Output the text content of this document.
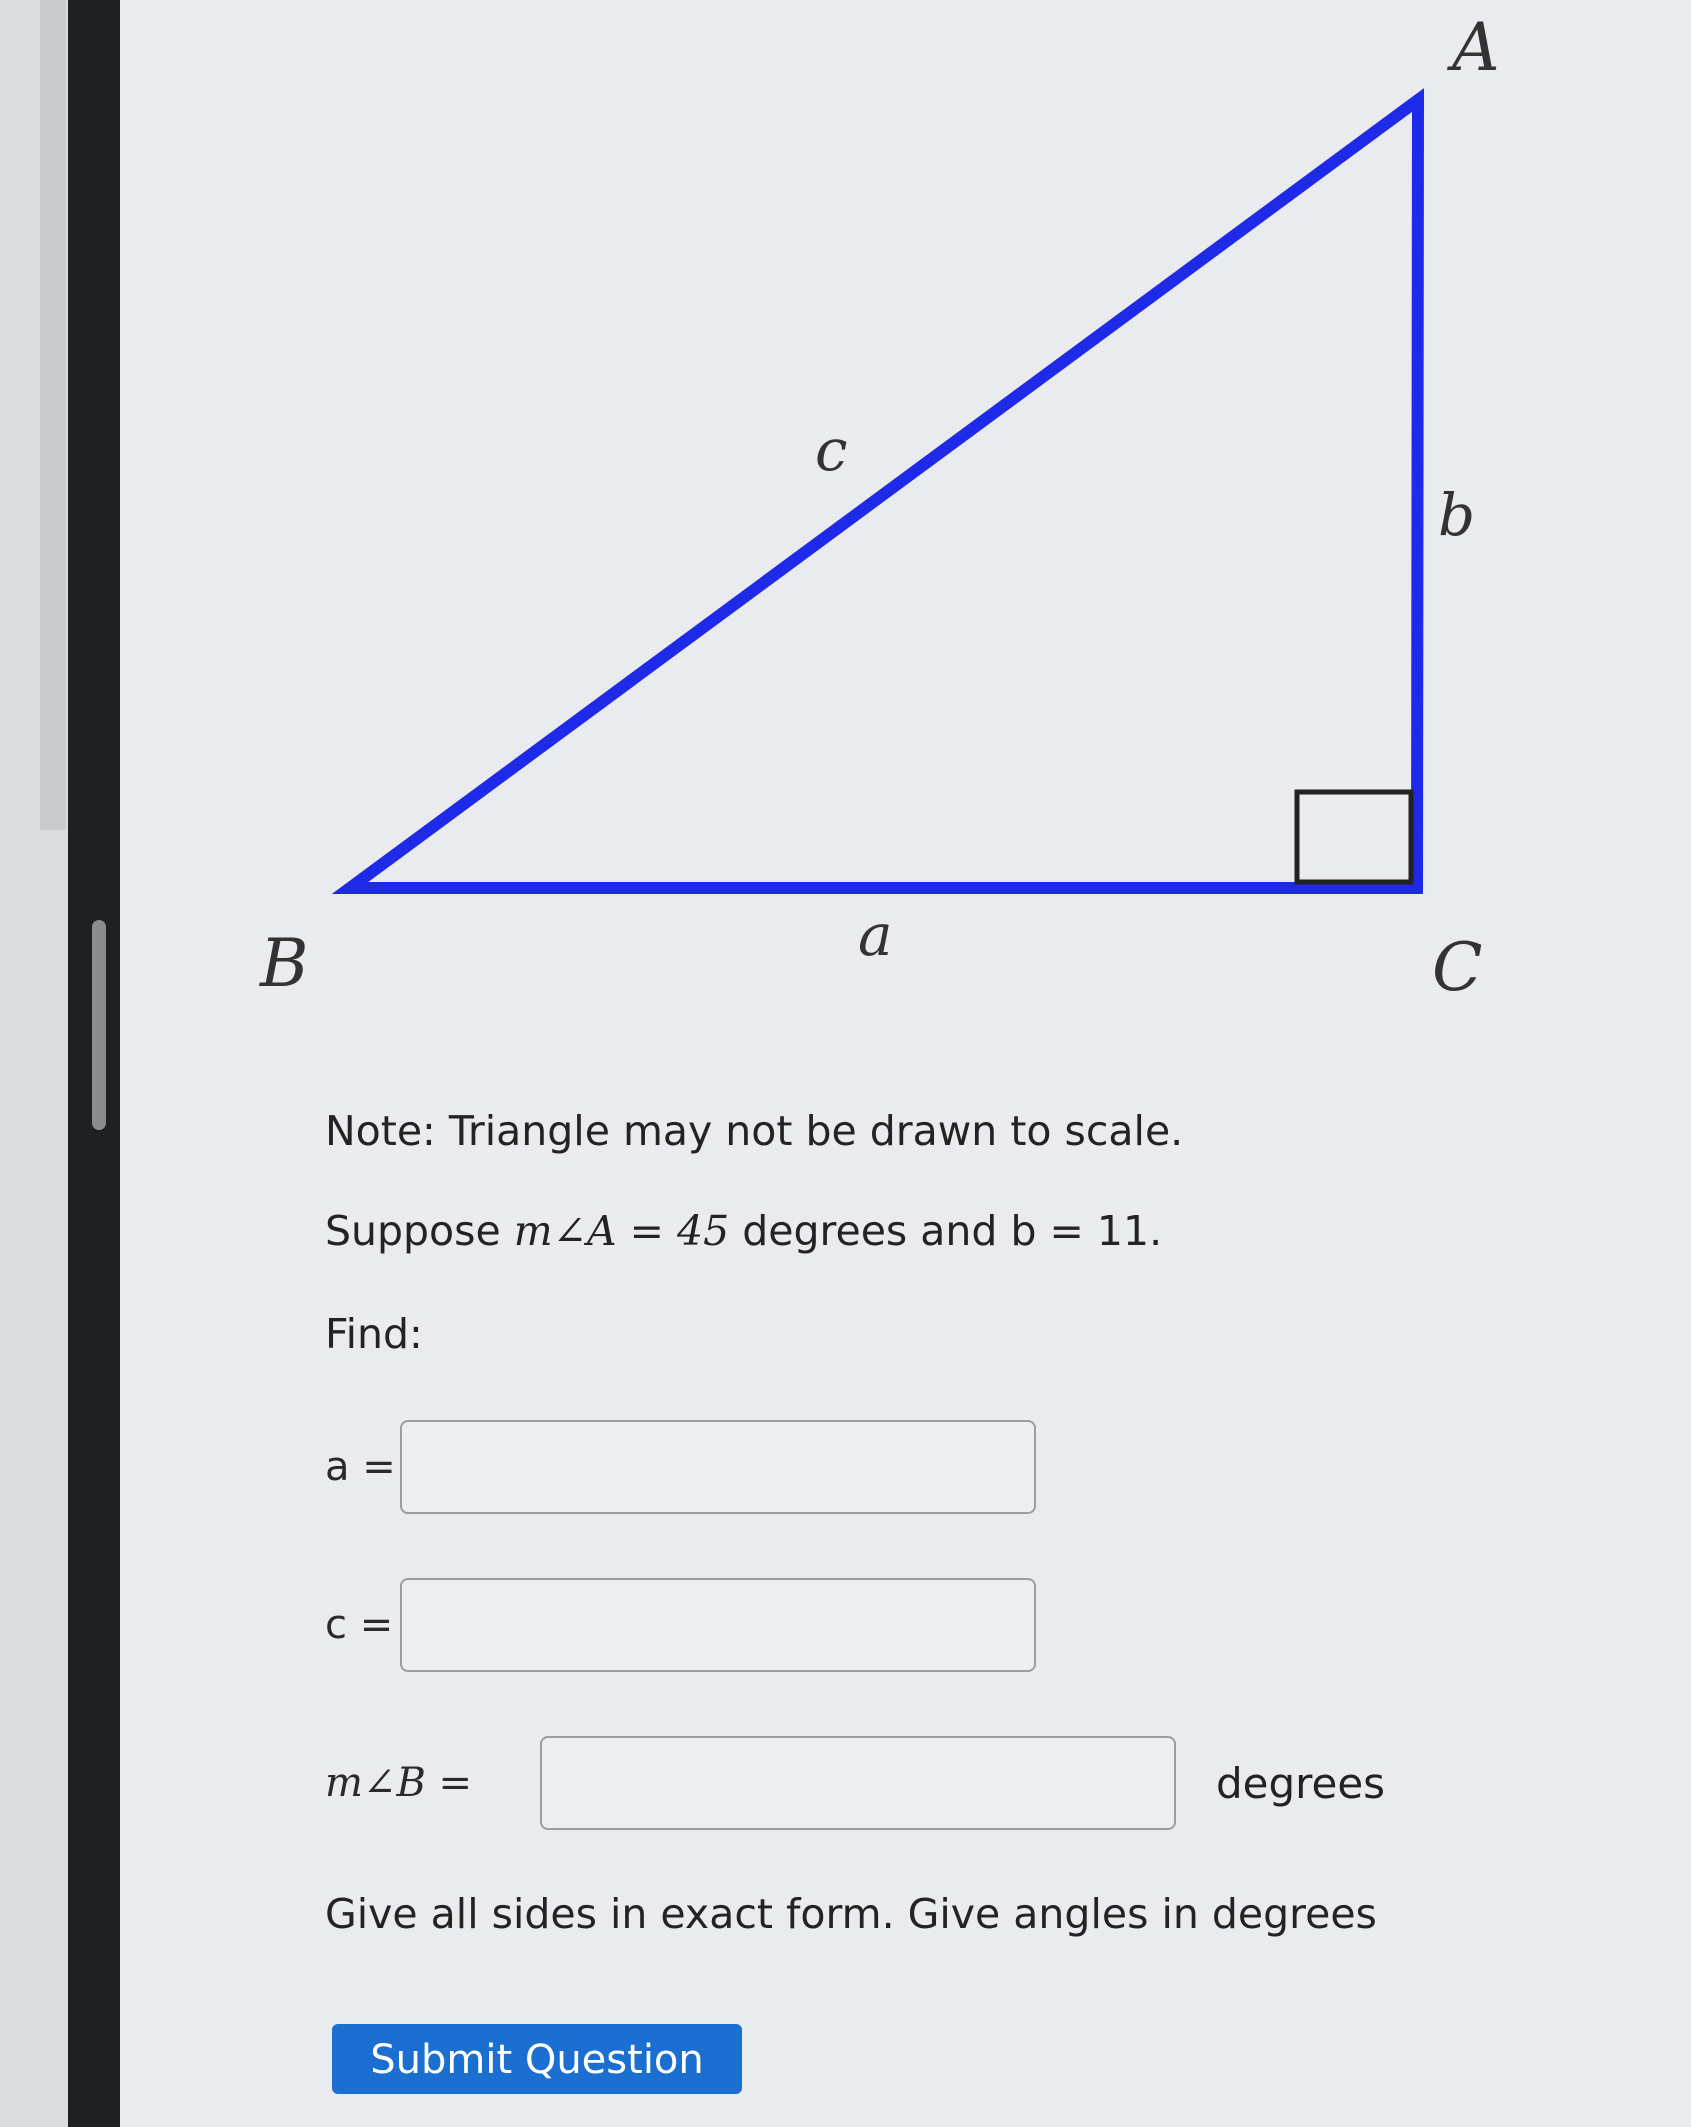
A
B	C
a
b
c
Note: Triangle may not be drawn to scale.
Suppose m∠A = 45 degrees and b = 11.
Find:
a =
c =
m∠B =	degrees
Give all sides in exact form. Give angles in degrees
Submit Question
